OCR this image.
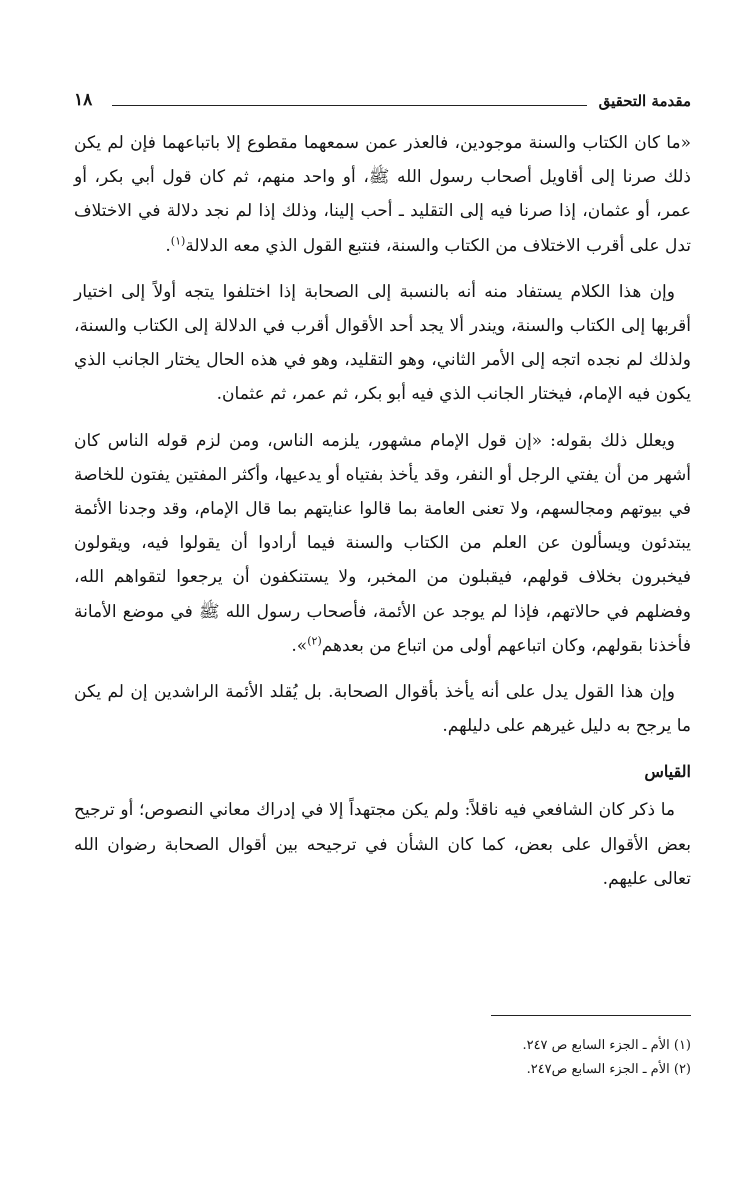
مقدمة التحقيق
١٨

«ما كان الكتاب والسنة موجودين، فالعذر عمن سمعهما مقطوع إلا باتباعهما فإن لم يكن ذلك صرنا إلى أقاويل أصحاب رسول الله ﷺ، أو واحد منهم، ثم كان قول أبي بكر، أو عمر، أو عثمان، إذا صرنا فيه إلى التقليد ـ أحب إلينا، وذلك إذا لم نجد دلالة في الاختلاف تدل على أقرب الاختلاف من الكتاب والسنة، فنتبع القول الذي معه الدلالة$^{(١)}$.

وإن هذا الكلام يستفاد منه أنه بالنسبة إلى الصحابة إذا اختلفوا يتجه أولاً إلى اختيار أقربها إلى الكتاب والسنة، ويندر ألا يجد أحد الأقوال أقرب في الدلالة إلى الكتاب والسنة، ولذلك لم نجده اتجه إلى الأمر الثاني، وهو التقليد، وهو في هذه الحال يختار الجانب الذي يكون فيه الإمام، فيختار الجانب الذي فيه أبو بكر، ثم عمر، ثم عثمان.

ويعلل ذلك بقوله: «إن قول الإمام مشهور، يلزمه الناس، ومن لزم قوله الناس كان أشهر من أن يفتي الرجل أو النفر، وقد يأخذ بفتياه أو يدعيها، وأكثر المفتين يفتون للخاصة في بيوتهم ومجالسهم، ولا تعنى العامة بما قالوا عنايتهم بما قال الإمام، وقد وجدنا الأئمة يبتدئون ويسألون عن العلم من الكتاب والسنة فيما أرادوا أن يقولوا فيه، ويقولون فيخبرون بخلاف قولهم، فيقبلون من المخبر، ولا يستنكفون أن يرجعوا لتقواهم الله، وفضلهم في حالاتهم، فإذا لم يوجد عن الأئمة، فأصحاب رسول الله ﷺ في موضع الأمانة فأخذنا بقولهم، وكان اتباعهم أولى من اتباع من بعدهم$^{(٢)}$».

وإن هذا القول يدل على أنه يأخذ بأقوال الصحابة. بل يُقلد الأئمة الراشدين إن لم يكن ما يرجح به دليل غيرهم على دليلهم.

القياس

ما ذكر كان الشافعي فيه ناقلاً: ولم يكن مجتهداً إلا في إدراك معاني النصوص؛ أو ترجيح بعض الأقوال على بعض، كما كان الشأن في ترجيحه بين أقوال الصحابة رضوان الله تعالى عليهم.

(١) الأم ـ الجزء السابع ص ٢٤٧.

(٢) الأم ـ الجزء السابع ص٢٤٧.
